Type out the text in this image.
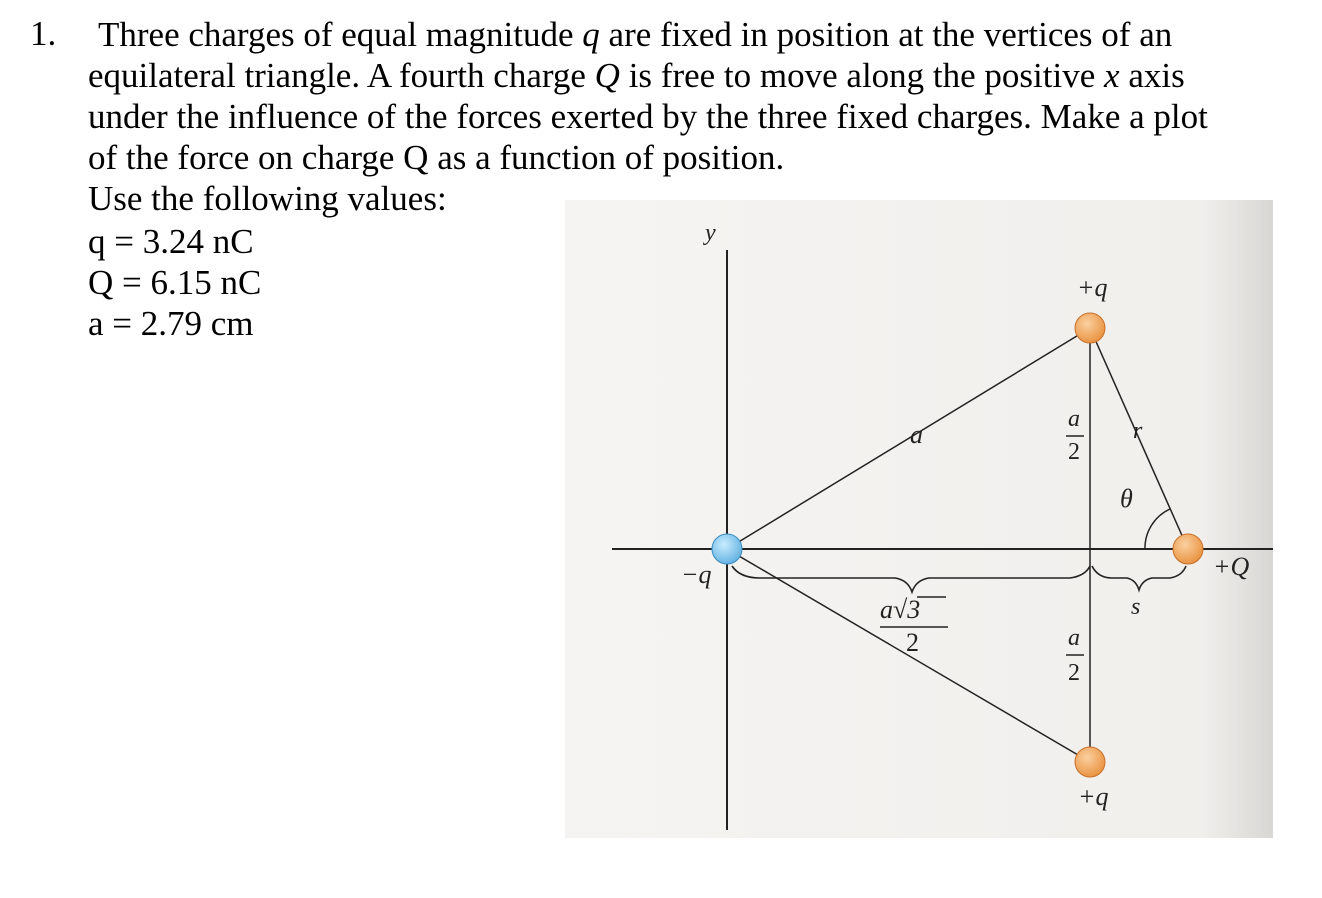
1. Three charges of equal magnitude q are fixed in position at the vertices of an
equilateral triangle. A fourth charge Q is free to move along the positive x axis
under the influence of the forces exerted by the three fixed charges. Make a plot
of the force on charge Q as a function of position.
Use the following values:
q = 3.24 nC
Q = 6.15 nC
a = 2.79 cm
y
a
a
2
a
2
a√3
2
r
θ
s
+q
+q
−q	+Q
